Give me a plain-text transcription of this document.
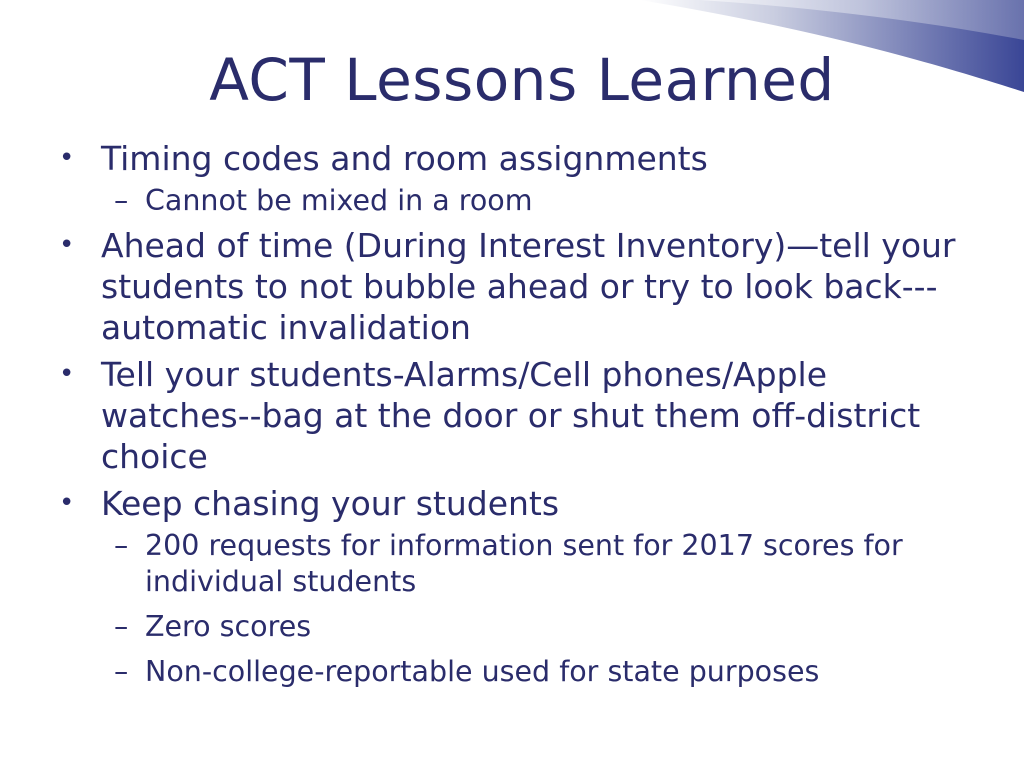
ACT Lessons Learned
• Timing codes and room assignments
– Cannot be mixed in a room
• Ahead of time (During Interest Inventory)—tell your students to not bubble ahead or try to look back---automatic invalidation
• Tell your students-Alarms/Cell phones/Apple watches--bag at the door or shut them off-district choice
• Keep chasing your students
– 200 requests for information sent for 2017 scores for individual students
– Zero scores
– Non-college-reportable used for state purposes
